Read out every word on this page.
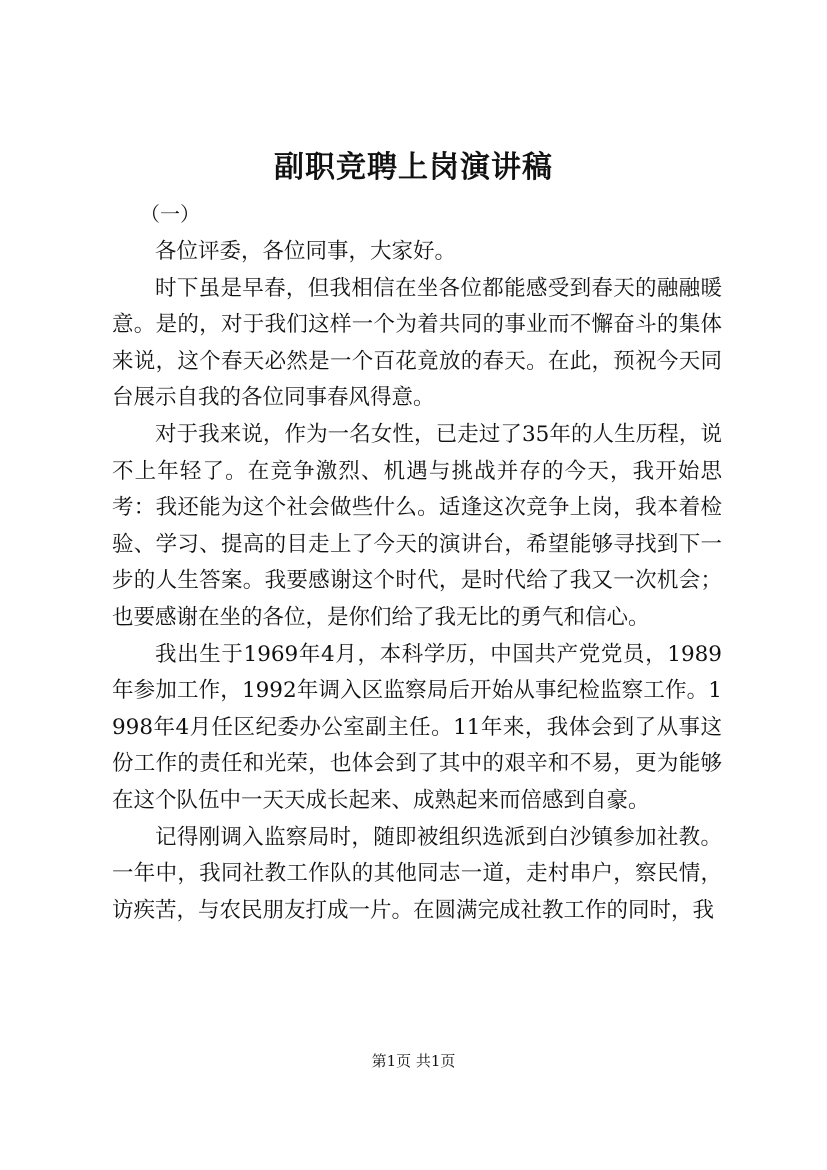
副职竞聘上岗演讲稿
（一）

各位评委，各位同事，大家好。

时下虽是早春，但我相信在坐各位都能感受到春天的融融暖意。是的，对于我们这样一个为着共同的事业而不懈奋斗的集体来说，这个春天必然是一个百花竟放的春天。在此，预祝今天同台展示自我的各位同事春风得意。

对于我来说，作为一名女性，已走过了35年的人生历程，说不上年轻了。在竞争激烈、机遇与挑战并存的今天，我开始思考：我还能为这个社会做些什么。适逢这次竞争上岗，我本着检验、学习、提高的目走上了今天的演讲台，希望能够寻找到下一步的人生答案。我要感谢这个时代，是时代给了我又一次机会；也要感谢在坐的各位，是你们给了我无比的勇气和信心。

我出生于1969年4月，本科学历，中国共产党党员，1989年参加工作，1992年调入区监察局后开始从事纪检监察工作。1998年4月任区纪委办公室副主任。11年来，我体会到了从事这份工作的责任和光荣，也体会到了其中的艰辛和不易，更为能够在这个队伍中一天天成长起来、成熟起来而倍感到自豪。

记得刚调入监察局时，随即被组织选派到白沙镇参加社教。一年中，我同社教工作队的其他同志一道，走村串户，察民情，访疾苦，与农民朋友打成一片。在圆满完成社教工作的同时，我

第1页 共1页
